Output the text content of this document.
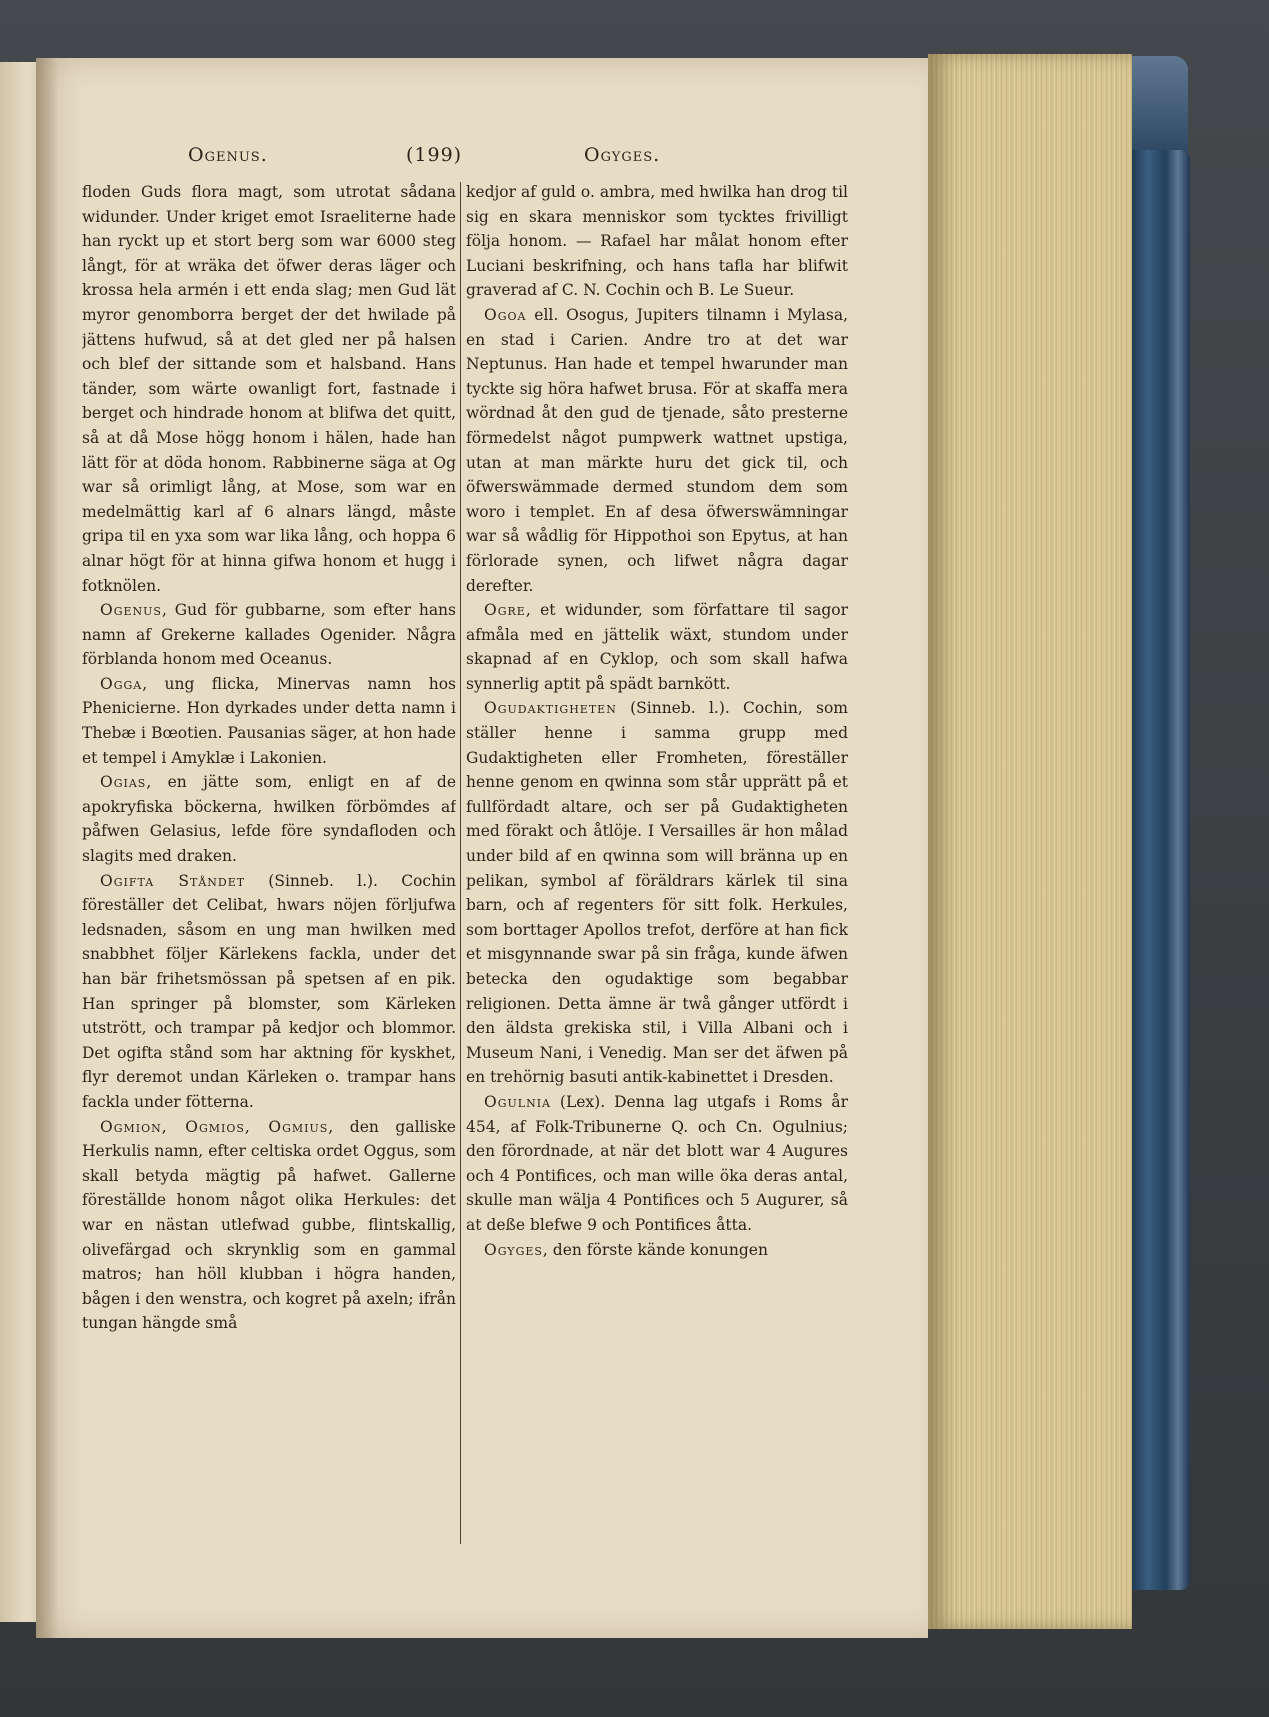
Ogenus.	(199)	Ogyges.

floden Guds flora magt, som utrotat sådana widunder. Under kriget emot Israeliterne hade han ryckt up et stort berg som war 6000 steg långt, för at wräka det öfwer deras läger och krossa hela armén i ett enda slag; men Gud lät myror genomborra berget der det hwilade på jättens hufwud, så at det gled ner på halsen och blef der sittande som et halsband. Hans tänder, som wärte owanligt fort, fastnade i berget och hindrade honom at blifwa det quitt, så at då Mose högg honom i hälen, hade han lätt för at döda honom. Rabbinerne säga at Og war så orimligt lång, at Mose, som war en medelmättig karl af 6 alnars längd, måste gripa til en yxa som war lika lång, och hoppa 6 alnar högt för at hinna gifwa honom et hugg i fotknölen.

Ogenus, Gud för gubbarne, som efter hans namn af Grekerne kallades Ogenider. Några förblanda honom med Oceanus.

Ogga, ung flicka, Minervas namn hos Phenicierne. Hon dyrkades under detta namn i Thebæ i Bœotien. Pausanias säger, at hon hade et tempel i Amyklæ i Lakonien.

Ogias, en jätte som, enligt en af de apokryfiska böckerna, hwilken förbömdes af påfwen Gelasius, lefde före syndafloden och slagits med draken.

Ogifta Ståndet (Sinneb. l.). Cochin föreställer det Celibat, hwars nöjen förljufwa ledsnaden, såsom en ung man hwilken med snabbhet följer Kärlekens fackla, under det han bär frihetsmössan på spetsen af en pik. Han springer på blomster, som Kärleken utstrött, och trampar på kedjor och blommor. Det ogifta stånd som har aktning för kyskhet, flyr deremot undan Kärleken o. trampar hans fackla under fötterna.

Ogmion, Ogmios, Ogmius, den galliske Herkulis namn, efter celtiska ordet Oggus, som skall betyda mägtig på hafwet. Gallerne föreställde honom något olika Herkules: det war en nästan utlefwad gubbe, flintskallig, olivefärgad och skrynklig som en gammal matros; han höll klubban i högra handen, bågen i den wenstra, och kogret på axeln; ifrån tungan hängde små

kedjor af guld o. ambra, med hwilka han drog til sig en skara menniskor som tycktes frivilligt följa honom. — Rafael har målat honom efter Luciani beskrifning, och hans tafla har blifwit graverad af C. N. Cochin och B. Le Sueur.

Ogoa ell. Osogus, Jupiters tilnamn i Mylasa, en stad i Carien. Andre tro at det war Neptunus. Han hade et tempel hwarunder man tyckte sig höra hafwet brusa. För at skaffa mera wördnad åt den gud de tjenade, såto presterne förmedelst något pumpwerk wattnet upstiga, utan at man märkte huru det gick til, och öfwerswämmade dermed stundom dem som woro i templet. En af desa öfwerswämningar war så wådlig för Hippothoi son Epytus, at han förlorade synen, och lifwet några dagar derefter.

Ogre, et widunder, som författare til sagor afmåla med en jättelik wäxt, stundom under skapnad af en Cyklop, och som skall hafwa synnerlig aptit på spädt barnkött.

Ogudaktigheten (Sinneb. l.). Cochin, som ställer henne i samma grupp med Gudaktigheten eller Fromheten, föreställer henne genom en qwinna som står upprätt på et fullfördadt altare, och ser på Gudaktigheten med förakt och åtlöje. I Versailles är hon målad under bild af en qwinna som will bränna up en pelikan, symbol af föräldrars kärlek til sina barn, och af regenters för sitt folk. Herkules, som borttager Apollos trefot, derföre at han fick et misgynnande swar på sin fråga, kunde äfwen betecka den ogudaktige som begabbar religionen. Detta ämne är twå gånger utfördt i den äldsta grekiska stil, i Villa Albani och i Museum Nani, i Venedig. Man ser det äfwen på en trehörnig basuti antik-kabinettet i Dresden.

Ogulnia (Lex). Denna lag utgafs i Roms år 454, af Folk-Tribunerne Q. och Cn. Ogulnius; den förordnade, at när det blott war 4 Augures och 4 Pontifices, och man wille öka deras antal, skulle man wälja 4 Pontifices och 5 Augurer, så at deße blefwe 9 och Pontifices åtta.

Ogyges, den förste kände konungen
